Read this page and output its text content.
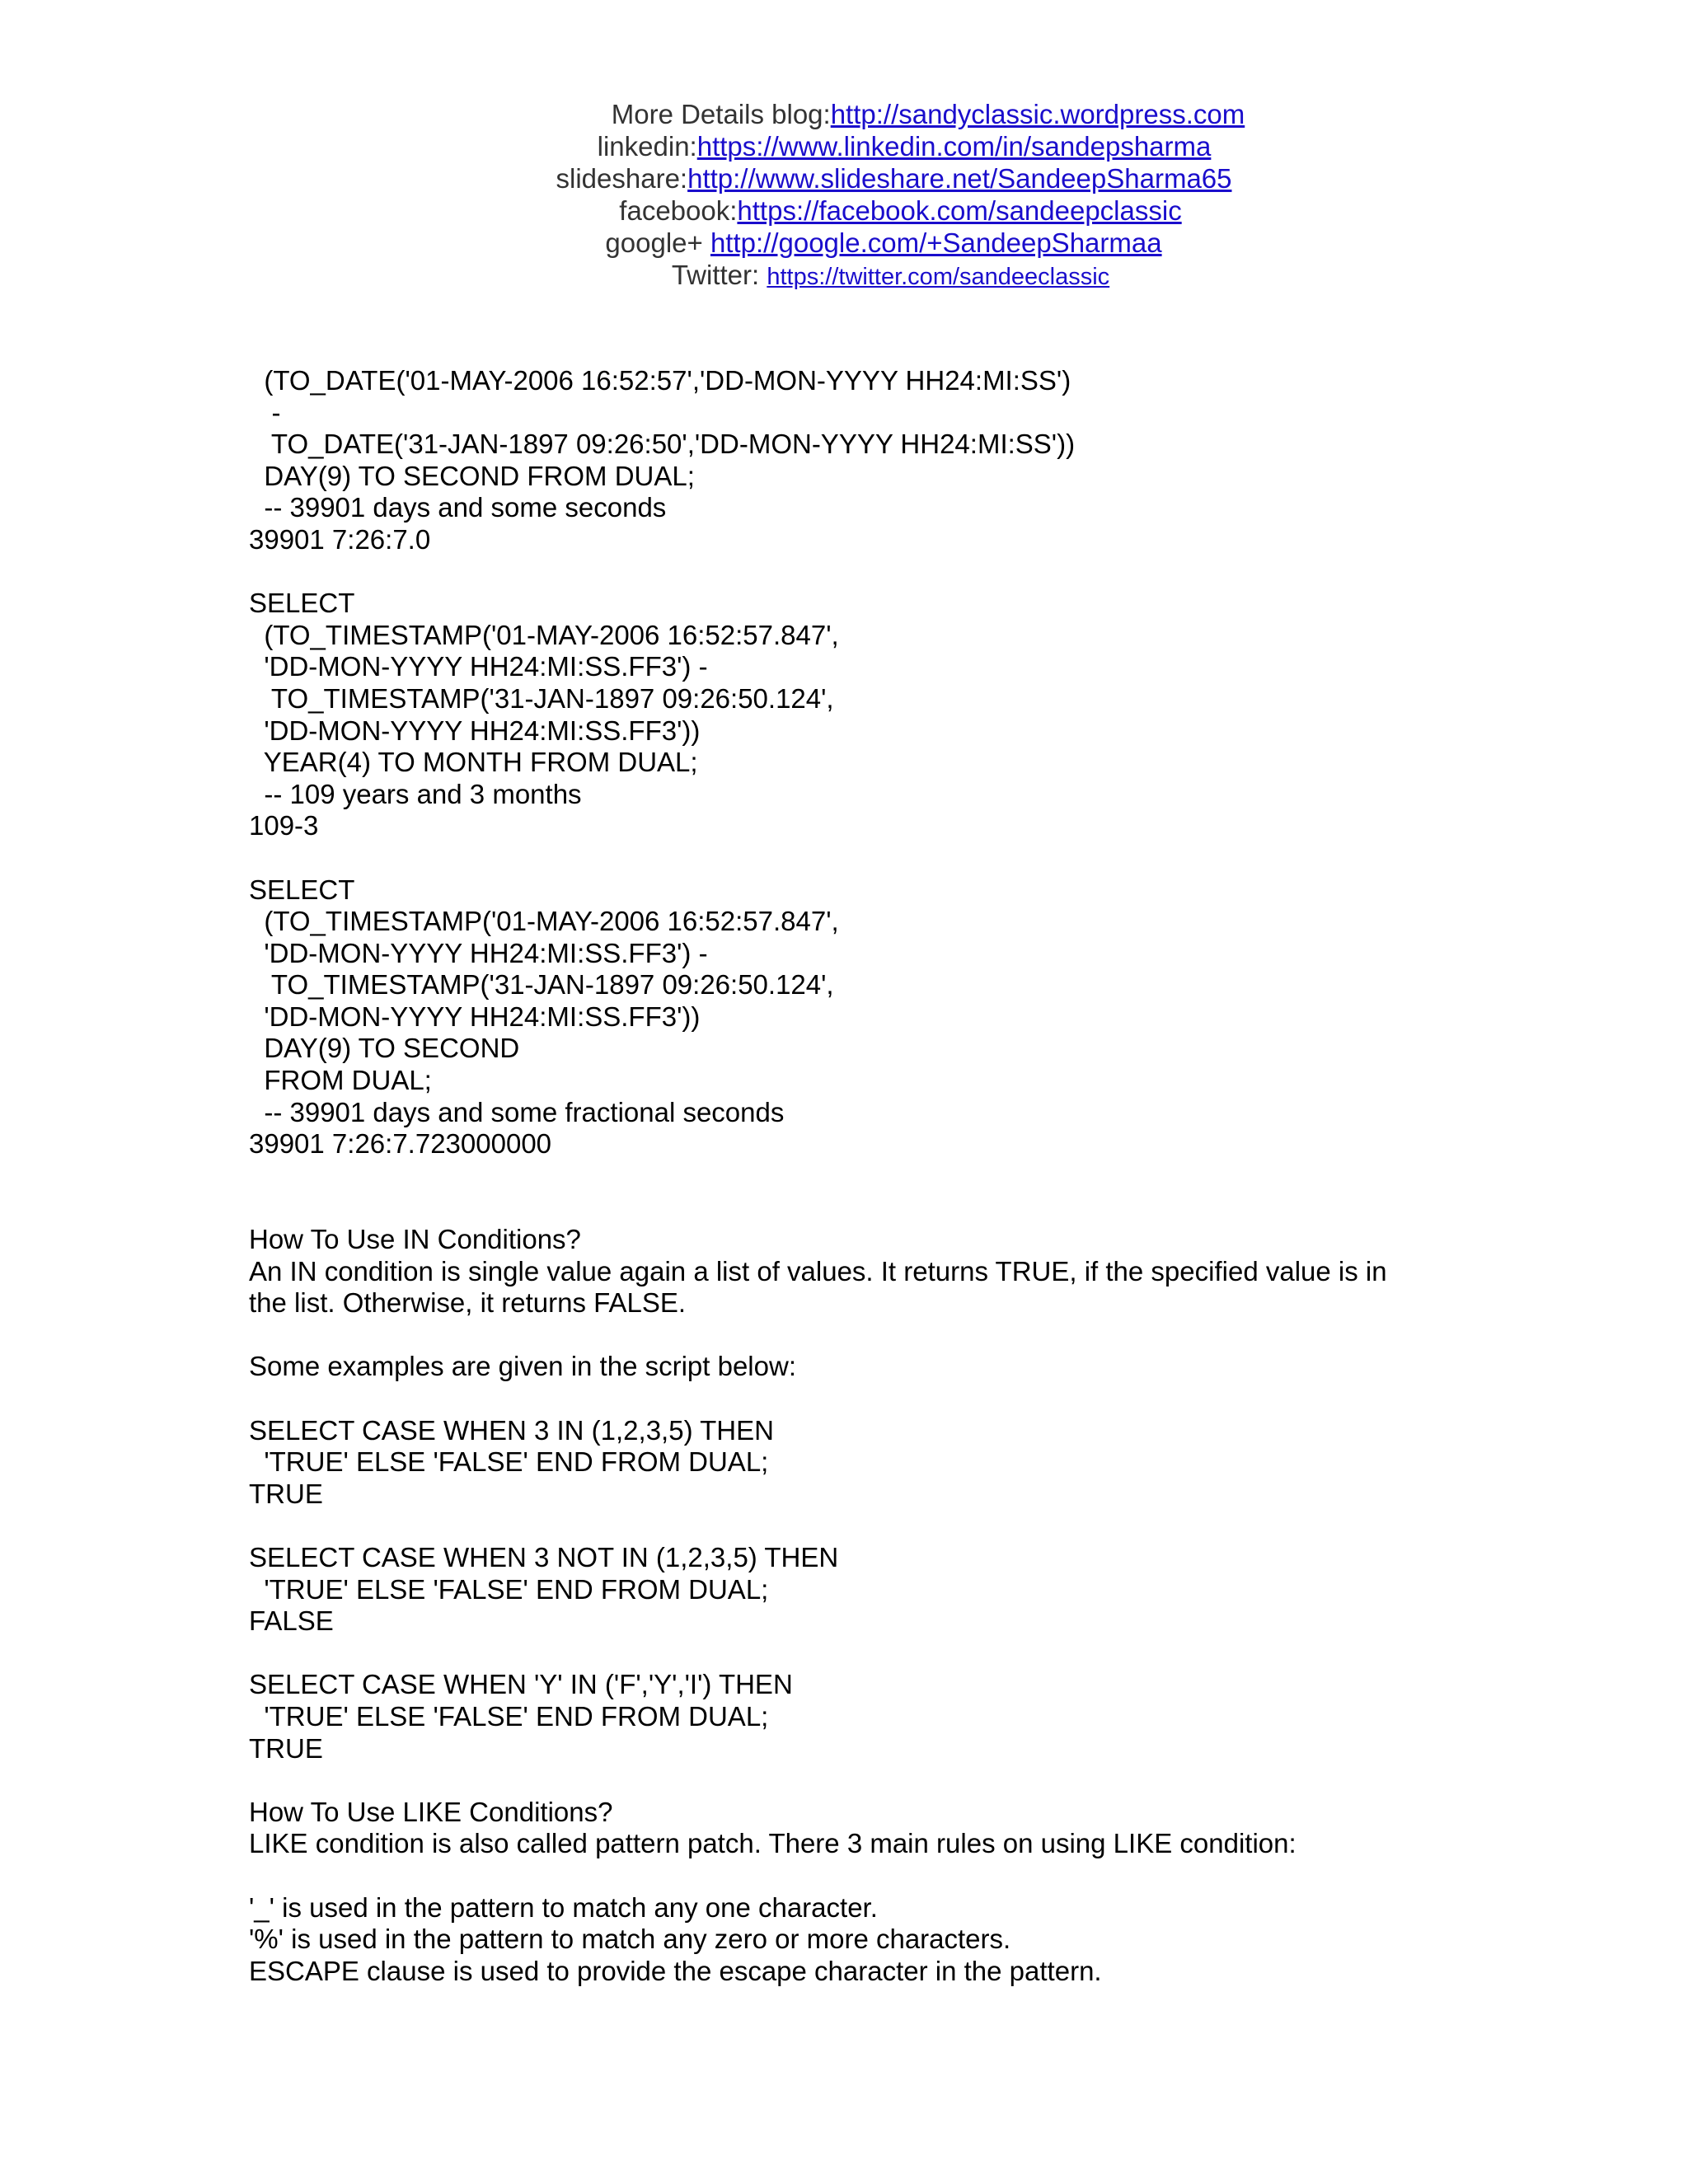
More Details blog:http://sandyclassic.wordpress.com
linkedin:https://www.linkedin.com/in/sandepsharma
slideshare:http://www.slideshare.net/SandeepSharma65
facebook:https://facebook.com/sandeepclassic
google+ http://google.com/+SandeepSharmaa
Twitter: https://twitter.com/sandeeclassic
(TO_DATE('01-MAY-2006 16:52:57','DD-MON-YYYY HH24:MI:SS')
-
TO_DATE('31-JAN-1897 09:26:50','DD-MON-YYYY HH24:MI:SS'))
DAY(9) TO SECOND FROM DUAL;
-- 39901 days and some seconds
39901 7:26:7.0
SELECT
(TO_TIMESTAMP('01-MAY-2006 16:52:57.847',
'DD-MON-YYYY HH24:MI:SS.FF3') -
TO_TIMESTAMP('31-JAN-1897 09:26:50.124',
'DD-MON-YYYY HH24:MI:SS.FF3'))
YEAR(4) TO MONTH FROM DUAL;
-- 109 years and 3 months
109-3
SELECT
(TO_TIMESTAMP('01-MAY-2006 16:52:57.847',
'DD-MON-YYYY HH24:MI:SS.FF3') -
TO_TIMESTAMP('31-JAN-1897 09:26:50.124',
'DD-MON-YYYY HH24:MI:SS.FF3'))
DAY(9) TO SECOND
FROM DUAL;
-- 39901 days and some fractional seconds
39901 7:26:7.723000000
How To Use IN Conditions?
An IN condition is single value again a list of values. It returns TRUE, if the specified value is in
the list. Otherwise, it returns FALSE.
Some examples are given in the script below:
SELECT CASE WHEN 3 IN (1,2,3,5) THEN
'TRUE' ELSE 'FALSE' END FROM DUAL;
TRUE
SELECT CASE WHEN 3 NOT IN (1,2,3,5) THEN
'TRUE' ELSE 'FALSE' END FROM DUAL;
FALSE
SELECT CASE WHEN 'Y' IN ('F','Y','I') THEN
'TRUE' ELSE 'FALSE' END FROM DUAL;
TRUE
How To Use LIKE Conditions?
LIKE condition is also called pattern patch. There 3 main rules on using LIKE condition:
'_' is used in the pattern to match any one character.
'%' is used in the pattern to match any zero or more characters.
ESCAPE clause is used to provide the escape character in the pattern.
